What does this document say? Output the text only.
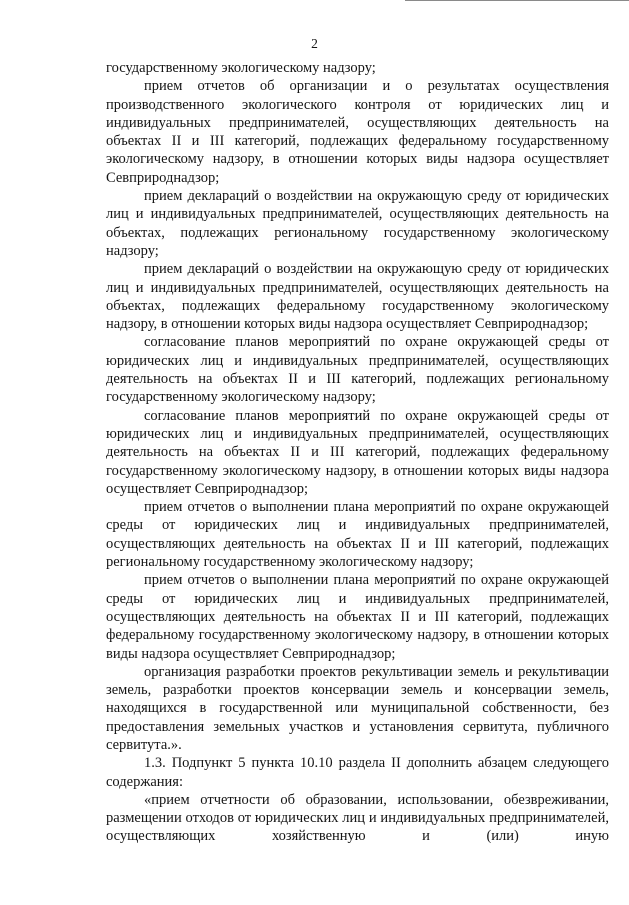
2

государственному экологическому надзору;

прием отчетов об организации и о результатах осуществления производственного экологического контроля от юридических лиц и индивидуальных предпринимателей, осуществляющих деятельность на объектах II и III категорий, подлежащих федеральному государственному экологическому надзору, в отношении которых виды надзора осуществляет Севприроднадзор;

прием деклараций о воздействии на окружающую среду от юридических лиц и индивидуальных предпринимателей, осуществляющих деятельность на объектах, подлежащих региональному государственному экологическому надзору;

прием деклараций о воздействии на окружающую среду от юридических лиц и индивидуальных предпринимателей, осуществляющих деятельность на объектах, подлежащих федеральному государственному экологическому надзору, в отношении которых виды надзора осуществляет Севприроднадзор;

согласование планов мероприятий по охране окружающей среды от юридических лиц и индивидуальных предпринимателей, осуществляющих деятельность на объектах II и III категорий, подлежащих региональному государственному экологическому надзору;

согласование планов мероприятий по охране окружающей среды от юридических лиц и индивидуальных предпринимателей, осуществляющих деятельность на объектах II и III категорий, подлежащих федеральному государственному экологическому надзору, в отношении которых виды надзора осуществляет Севприроднадзор;

прием отчетов о выполнении плана мероприятий по охране окружающей среды от юридических лиц и индивидуальных предпринимателей, осуществляющих деятельность на объектах II и III категорий, подлежащих региональному государственному экологическому надзору;

прием отчетов о выполнении плана мероприятий по охране окружающей среды от юридических лиц и индивидуальных предпринимателей, осуществляющих деятельность на объектах II и III категорий, подлежащих федеральному государственному экологическому надзору, в отношении которых виды надзора осуществляет Севприроднадзор;

организация разработки проектов рекультивации земель и рекультивации земель, разработки проектов консервации земель и консервации земель, находящихся в государственной или муниципальной собственности, без предоставления земельных участков и установления сервитута, публичного сервитута.».

1.3. Подпункт 5 пункта 10.10 раздела II дополнить абзацем следующего содержания:

«прием отчетности об образовании, использовании, обезвреживании, размещении отходов от юридических лиц и индивидуальных предпринимателей, осуществляющих хозяйственную и (или) иную
